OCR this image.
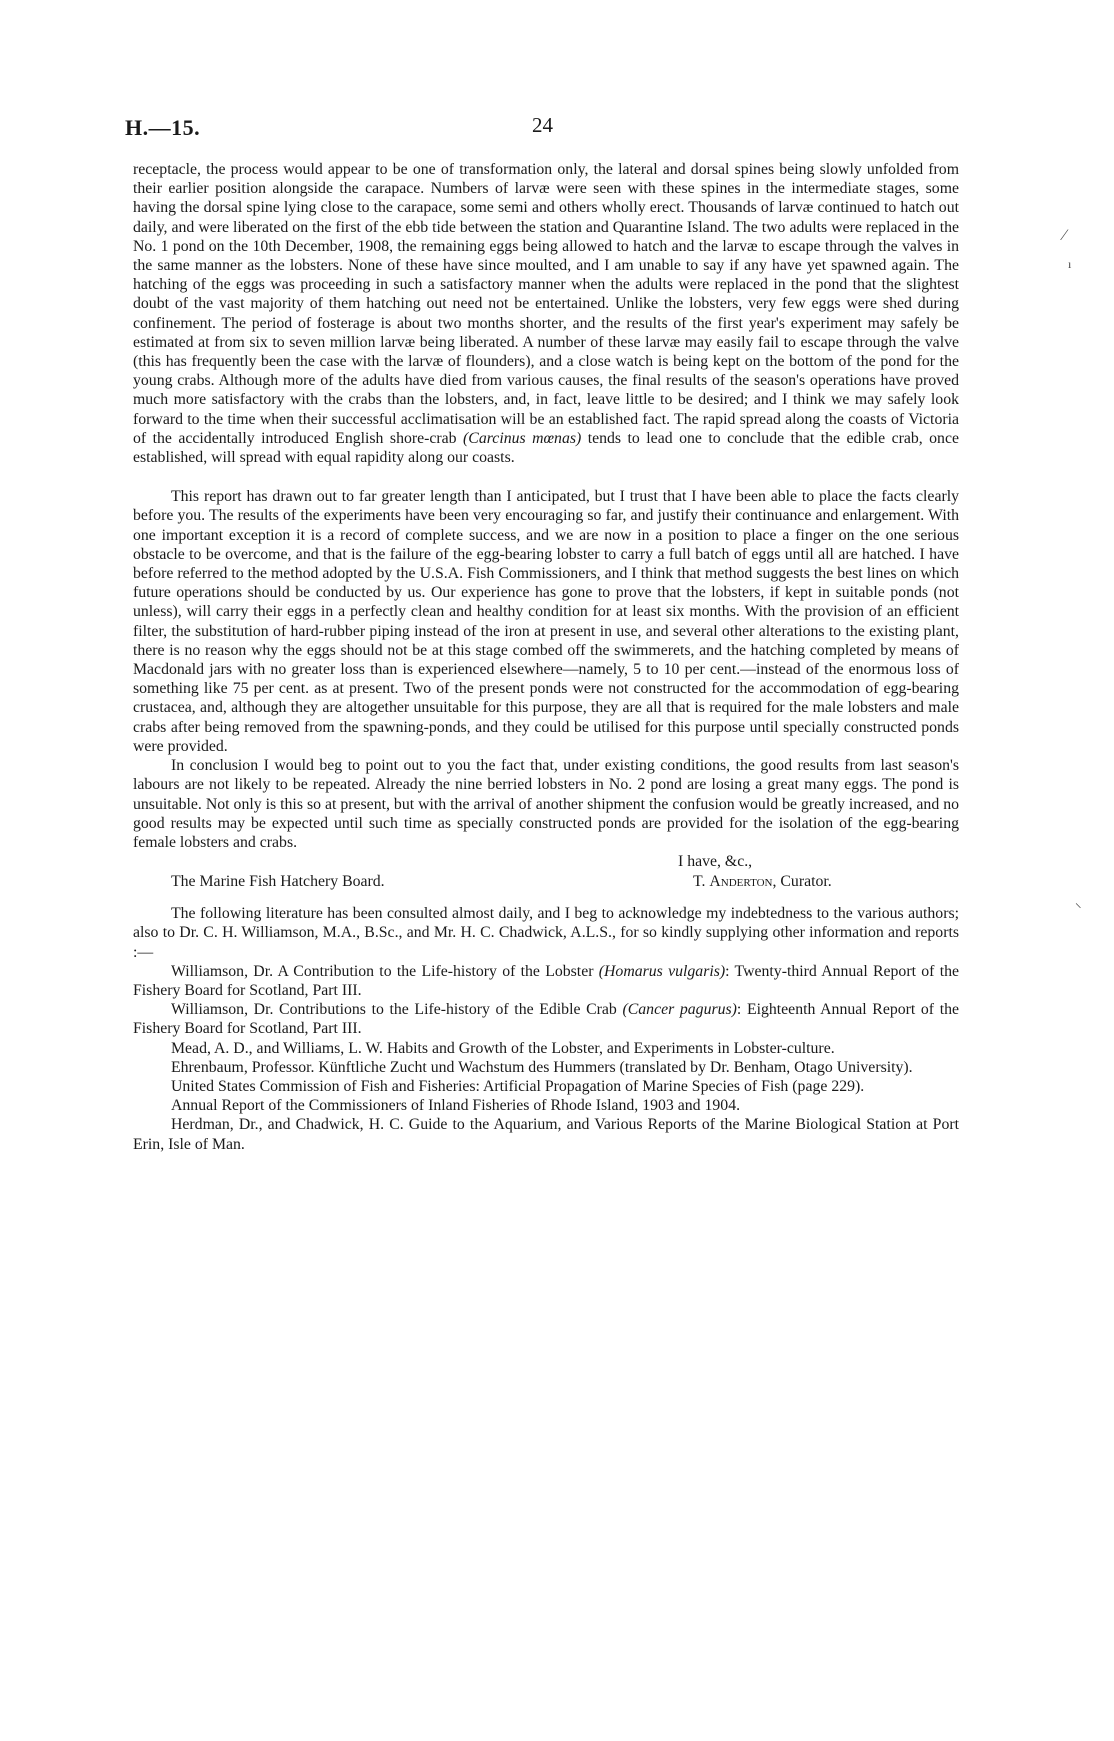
H.—15.	24
⁄
ı
⸜

receptacle, the process would appear to be one of transformation only, the lateral and dorsal spines being slowly unfolded from their earlier position alongside the carapace. Numbers of larvæ were seen with these spines in the intermediate stages, some having the dorsal spine lying close to the carapace, some semi and others wholly erect. Thousands of larvæ continued to hatch out daily, and were liberated on the first of the ebb tide between the station and Quarantine Island. The two adults were replaced in the No. 1 pond on the 10th December, 1908, the remaining eggs being allowed to hatch and the larvæ to escape through the valves in the same manner as the lobsters. None of these have since moulted, and I am unable to say if any have yet spawned again. The hatching of the eggs was proceeding in such a satisfactory manner when the adults were replaced in the pond that the slightest doubt of the vast majority of them hatching out need not be entertained. Unlike the lobsters, very few eggs were shed during confinement. The period of fosterage is about two months shorter, and the results of the first year's experiment may safely be estimated at from six to seven million larvæ being liberated. A number of these larvæ may easily fail to escape through the valve (this has frequently been the case with the larvæ of flounders), and a close watch is being kept on the bottom of the pond for the young crabs. Although more of the adults have died from various causes, the final results of the season's operations have proved much more satisfactory with the crabs than the lobsters, and, in fact, leave little to be desired; and I think we may safely look forward to the time when their successful acclimatisation will be an established fact. The rapid spread along the coasts of Victoria of the accidentally introduced English shore-crab (Carcinus mœnas) tends to lead one to conclude that the edible crab, once established, will spread with equal rapidity along our coasts.

This report has drawn out to far greater length than I anticipated, but I trust that I have been able to place the facts clearly before you. The results of the experiments have been very encouraging so far, and justify their continuance and enlargement. With one important exception it is a record of complete success, and we are now in a position to place a finger on the one serious obstacle to be overcome, and that is the failure of the egg-bearing lobster to carry a full batch of eggs until all are hatched. I have before referred to the method adopted by the U.S.A. Fish Commissioners, and I think that method suggests the best lines on which future operations should be conducted by us. Our experience has gone to prove that the lobsters, if kept in suitable ponds (not unless), will carry their eggs in a perfectly clean and healthy condition for at least six months. With the provision of an efficient filter, the substitution of hard-rubber piping instead of the iron at present in use, and several other alterations to the existing plant, there is no reason why the eggs should not be at this stage combed off the swimmerets, and the hatching completed by means of Macdonald jars with no greater loss than is experienced elsewhere—namely, 5 to 10 per cent.—instead of the enormous loss of something like 75 per cent. as at present. Two of the present ponds were not constructed for the accommodation of egg-bearing crustacea, and, although they are altogether unsuitable for this purpose, they are all that is required for the male lobsters and male crabs after being removed from the spawning-ponds, and they could be utilised for this purpose until specially constructed ponds were provided.

In conclusion I would beg to point out to you the fact that, under existing conditions, the good results from last season's labours are not likely to be repeated. Already the nine berried lobsters in No. 2 pond are losing a great many eggs. The pond is unsuitable. Not only is this so at present, but with the arrival of another shipment the confusion would be greatly increased, and no good results may be expected until such time as specially constructed ponds are provided for the isolation of the egg-bearing female lobsters and crabs.

I have, &c.,
The Marine Fish Hatchery Board.	T. Anderton, Curator.

The following literature has been consulted almost daily, and I beg to acknowledge my indebtedness to the various authors; also to Dr. C. H. Williamson, M.A., B.Sc., and Mr. H. C. Chadwick, A.L.S., for so kindly supplying other information and reports :—

Williamson, Dr. A Contribution to the Life-history of the Lobster (Homarus vulgaris): Twenty-third Annual Report of the Fishery Board for Scotland, Part III.

Williamson, Dr. Contributions to the Life-history of the Edible Crab (Cancer pagurus): Eighteenth Annual Report of the Fishery Board for Scotland, Part III.

Mead, A. D., and Williams, L. W. Habits and Growth of the Lobster, and Experiments in Lobster-culture.

Ehrenbaum, Professor. Künftliche Zucht und Wachstum des Hummers (translated by Dr. Benham, Otago University).

United States Commission of Fish and Fisheries: Artificial Propagation of Marine Species of Fish (page 229).

Annual Report of the Commissioners of Inland Fisheries of Rhode Island, 1903 and 1904.

Herdman, Dr., and Chadwick, H. C. Guide to the Aquarium, and Various Reports of the Marine Biological Station at Port Erin, Isle of Man.
